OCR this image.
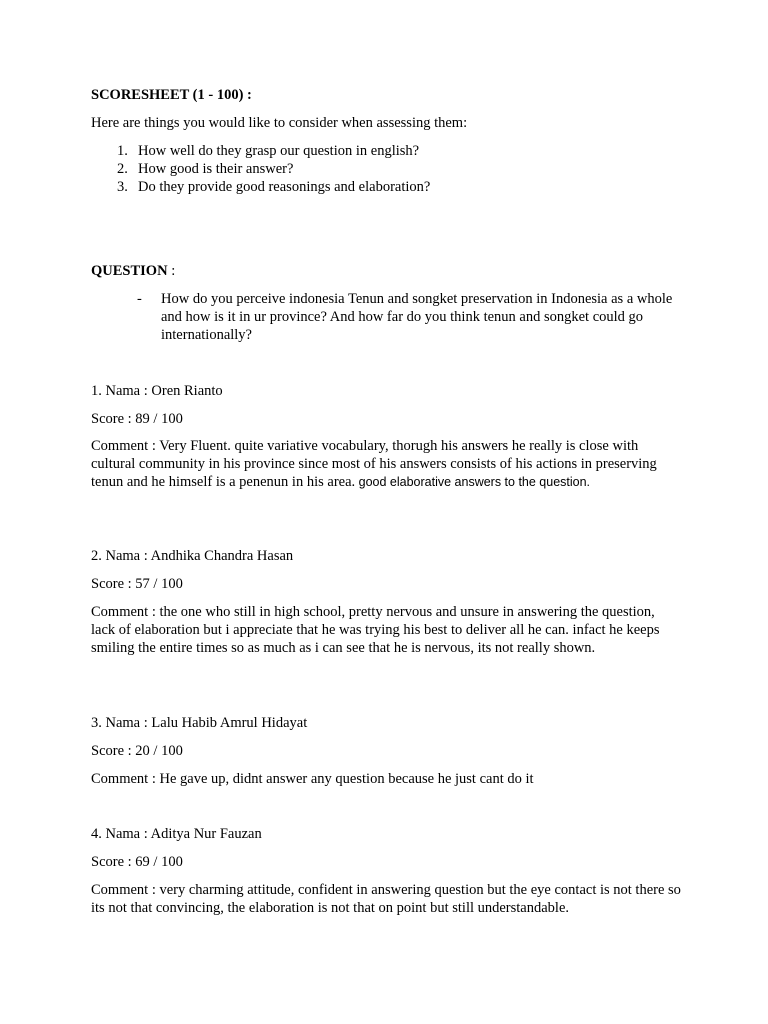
SCORESHEET (1 - 100) :
Here are things you would like to consider when assessing them:
1. How well do they grasp our question in english?
2. How good is their answer?
3. Do they provide good reasonings and elaboration?
QUESTION :
- How do you perceive indonesia Tenun and songket preservation in Indonesia as a whole and how is it in ur province? And how far do you think tenun and songket could go internationally?
1. Nama : Oren Rianto
Score : 89 / 100
Comment : Very Fluent. quite variative vocabulary, thorugh his answers he really is close with cultural community in his province since most of his answers consists of his actions in preserving tenun and he himself is a penenun in his area. good elaborative answers to the question.
2. Nama : Andhika Chandra Hasan
Score : 57 / 100
Comment : the one who still in high school, pretty nervous and unsure in answering the question, lack of elaboration but i appreciate that he was trying his best to deliver all he can. infact he keeps smiling the entire times so as much as i can see that he is nervous, its not really shown.
3. Nama : Lalu Habib Amrul Hidayat
Score : 20 / 100
Comment : He gave up, didnt answer any question because he just cant do it
4. Nama : Aditya Nur Fauzan
Score : 69 / 100
Comment : very charming attitude, confident in answering question but the eye contact is not there so its not that convincing, the elaboration is not that on point but still understandable.
